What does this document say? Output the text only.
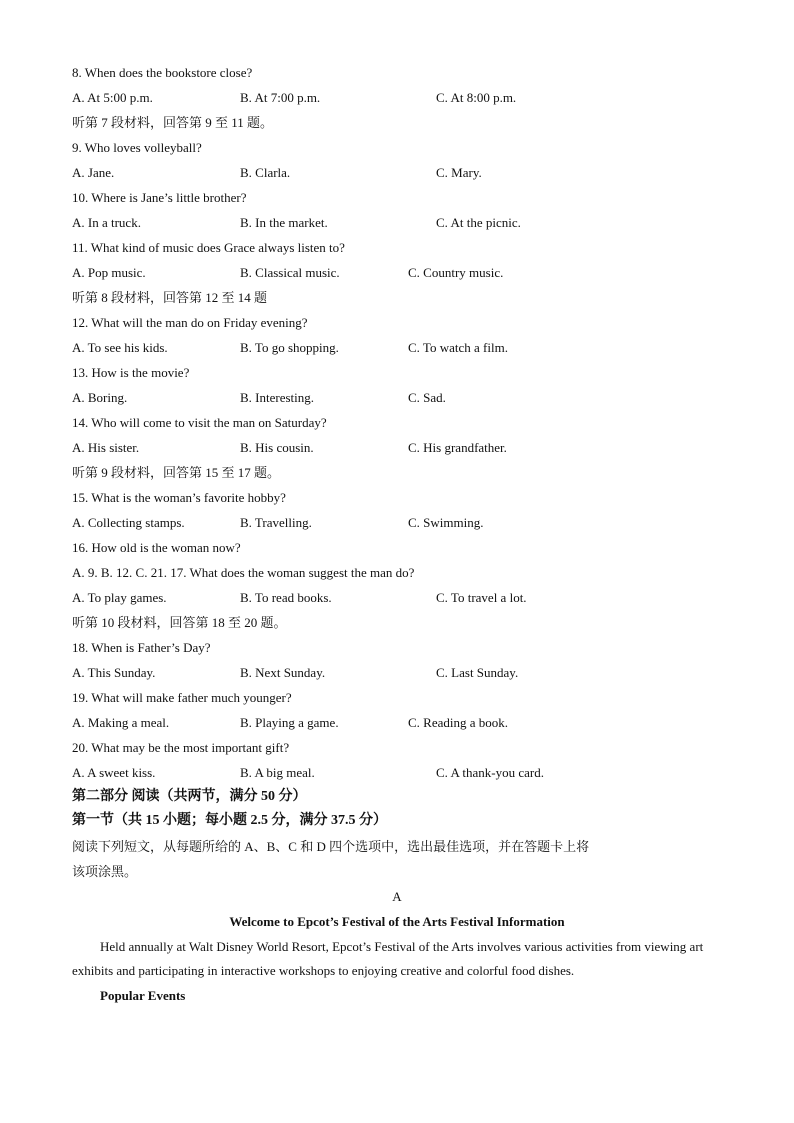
8. When does the bookstore close?
A. At 5:00 p.m.	B. At 7:00 p.m.	C. At 8:00 p.m.
听第 7 段材料，回答第 9 至 11 题。
9. Who loves volleyball?
A. Jane.	B. Clarla.	C. Mary.
10. Where is Jane’s little brother?
A. In a truck.	B. In the market.	C. At the picnic.
11. What kind of music does Grace always listen to?
A. Pop music.	B. Classical music.	C. Country music.
听第 8 段材料，回答第 12 至 14 题
12. What will the man do on Friday evening?
A. To see his kids.	B. To go shopping.	C. To watch a film.
13. How is the movie?
A. Boring.	B. Interesting.	C. Sad.
14. Who will come to visit the man on Saturday?
A. His sister.	B. His cousin.	C. His grandfather.
听第 9 段材料，回答第 15 至 17 题。
15. What is the woman’s favorite hobby?
A. Collecting stamps.	B. Travelling.	C. Swimming.
16. How old is the woman now?
A. 9. B. 12. C. 21. 17. What does the woman suggest the man do?
A. To play games.	B. To read books.	C. To travel a lot.
听第 10 段材料，回答第 18 至 20 题。
18. When is Father’s Day?
A. This Sunday.	B. Next Sunday.	C. Last Sunday.
19. What will make father much younger?
A. Making a meal.	B. Playing a game.	C. Reading a book.
20. What may be the most important gift?
A. A sweet kiss.	B. A big meal.	C. A thank-you card.
第二部分 阅读（共两节，满分 50 分）
第一节（共 15 小题；每小题 2.5 分，满分 37.5 分）
阅读下列短文，从每题所给的 A、B、C 和 D 四个选项中，选出最佳选项，并在答题卡上将
该项涂黑。
A
Welcome to Epcot’s Festival of the Arts Festival Information
Held annually at Walt Disney World Resort, Epcot’s Festival of the Arts involves various activities from viewing art exhibits and participating in interactive workshops to enjoying creative and colorful food dishes.
Popular Events
